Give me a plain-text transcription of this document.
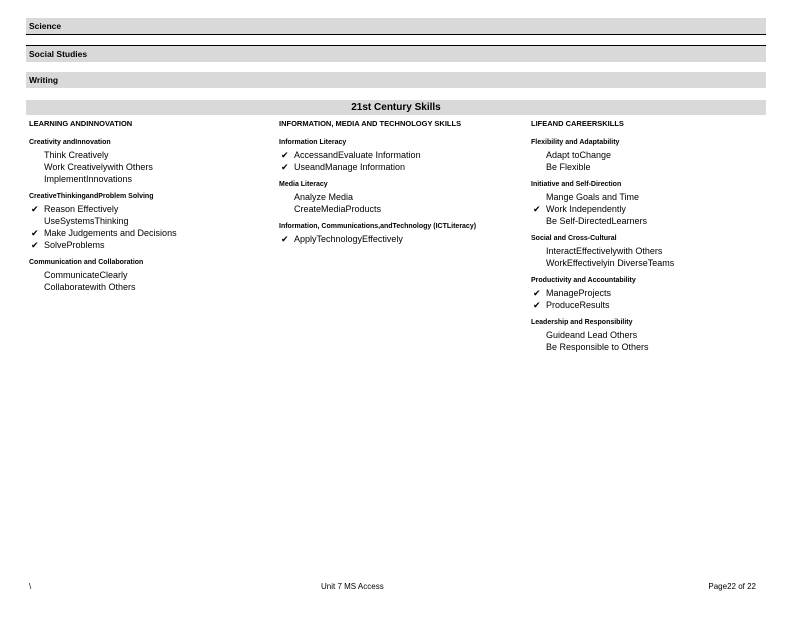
Science
Social Studies
Writing
21st Century Skills
LEARNING ANDINNOVATION
Creativity andInnovation
Think Creatively
Work Creativelywith Others
ImplementInnovations
CreativeThinkingandProblem Solving
✔ Reason Effectively
UseSystemsThinking
✔ Make Judgements and Decisions
✔ SolveProblems
Communication and Collaboration
CommunicateClearly
Collaboratewith Others
INFORMATION, MEDIA AND TECHNOLOGY SKILLS
Information Literacy
✔ AccessandEvaluate Information
✔ UseandManage Information
Media Literacy
Analyze Media
CreateMediaProducts
Information, Communications,andTechnology (ICTLiteracy)
✔ ApplyTechnologyEffectively
LIFEAND CAREERSKILLS
Flexibility and Adaptability
Adapt toChange
Be Flexible
Initiative and Self-Direction
Mange Goals and Time
✔ Work Independently
Be Self-DirectedLearners
Social and Cross-Cultural
InteractEffectivelywith Others
WorkEffectivelyin DiverseTeams
Productivity and Accountability
✔ ManageProjects
✔ ProduceResults
Leadership and Responsibility
Guideand Lead Others
Be Responsible to Others
\	Unit 7 MS Access	Page22 of 22
